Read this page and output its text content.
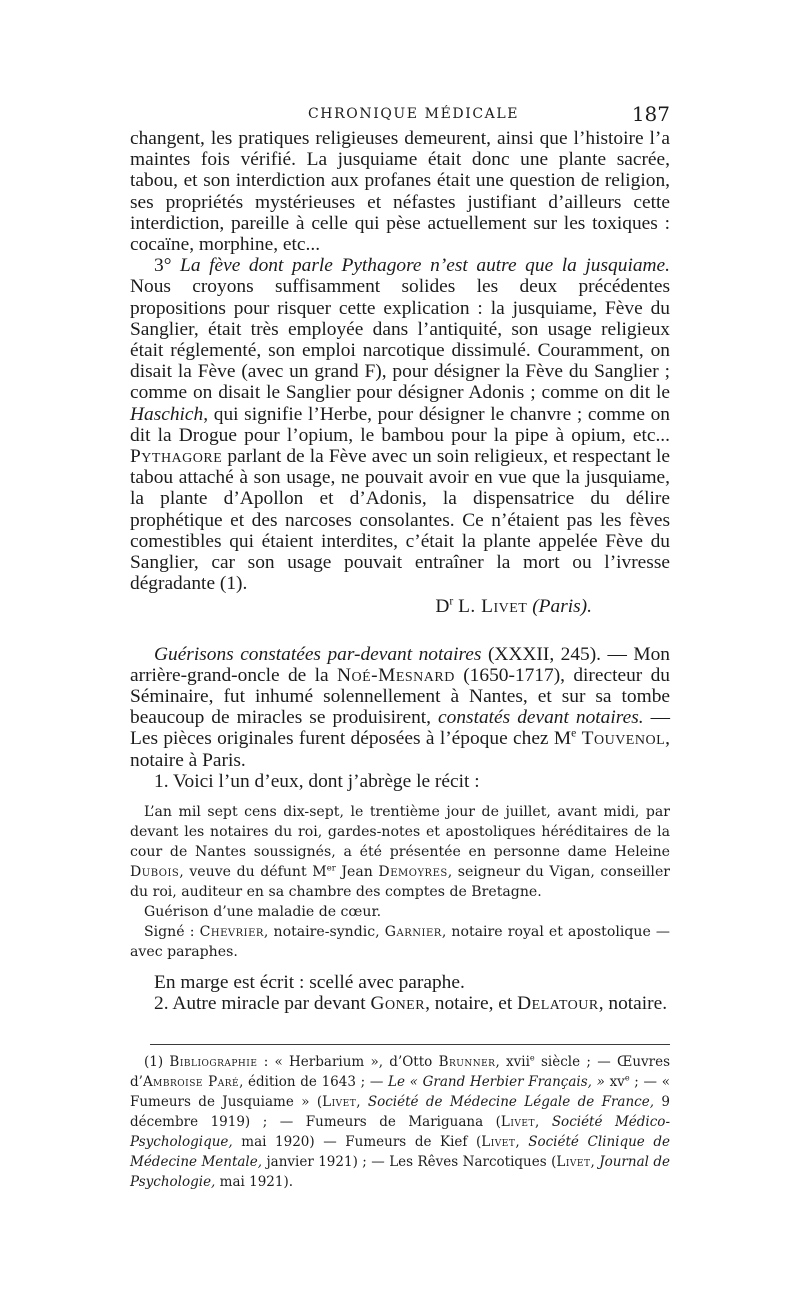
CHRONIQUE MÉDICALE	187

changent, les pratiques religieuses demeurent, ainsi que l’histoire l’a maintes fois vérifié. La jusquiame était donc une plante sacrée, tabou, et son interdiction aux profanes était une question de religion, ses propriétés mystérieuses et néfastes justifiant d’ailleurs cette interdiction, pareille à celle qui pèse actuellement sur les toxiques : cocaïne, morphine, etc...

3° La fève dont parle Pythagore n’est autre que la jusquiame. Nous croyons suffisamment solides les deux précédentes propositions pour risquer cette explication : la jusquiame, Fève du Sanglier, était très employée dans l’antiquité, son usage religieux était réglementé, son emploi narcotique dissimulé. Couramment, on disait la Fève (avec un grand F), pour désigner la Fève du Sanglier ; comme on disait le Sanglier pour désigner Adonis ; comme on dit le Haschich, qui signifie l’Herbe, pour désigner le chanvre ; comme on dit la Drogue pour l’opium, le bambou pour la pipe à opium, etc... Pythagore parlant de la Fève avec un soin religieux, et respectant le tabou attaché à son usage, ne pouvait avoir en vue que la jusquiame, la plante d’Apollon et d’Adonis, la dispensatrice du délire prophétique et des narcoses consolantes. Ce n’étaient pas les fèves comestibles qui étaient interdites, c’était la plante appelée Fève du Sanglier, car son usage pouvait entraîner la mort ou l’ivresse dégradante (1).

$D^r$ L. Livet (Paris).

Guérisons constatées par-devant notaires (XXXII, 245). — Mon arrière-grand-oncle de la Noé-Mesnard (1650-1717), directeur du Séminaire, fut inhumé solennellement à Nantes, et sur sa tombe beaucoup de miracles se produisirent, constatés devant notaires. — Les pièces originales furent déposées à l’époque chez Me Touvenol, notaire à Paris.

1. Voici l’un d’eux, dont j’abrège le récit :

L’an mil sept cens dix-sept, le trentième jour de juillet, avant midi, par devant les notaires du roi, gardes-notes et apostoliques héréditaires de la cour de Nantes soussignés, a été présentée en personne dame Heleine Dubois, veuve du défunt Mer Jean Demoyres, seigneur du Vigan, conseiller du roi, auditeur en sa chambre des comptes de Bretagne.

Guérison d’une maladie de cœur.

Signé : Chevrier, notaire-syndic, Garnier, notaire royal et apostolique — avec paraphes.

En marge est écrit : scellé avec paraphe.

2. Autre miracle par devant Goner, notaire, et Delatour, notaire.

(1) Bibliographie : « Herbarium », d’Otto Brunner, xvii$^e$ siècle ; — Œuvres d’Ambroise Paré, édition de 1643 ; — Le « Grand Herbier Français, » $xv^e$ ; — « Fumeurs de Jusquiame » (Livet, Société de Médecine Légale de France, 9 décembre 1919) ; — Fumeurs de Mariguana (Livet, Société Médico-Psychologique, mai 1920) — Fumeurs de Kief (Livet, Société Clinique de Médecine Mentale, janvier 1921) ; — Les Rêves Narcotiques (Livet, Journal de Psychologie, mai 1921).
